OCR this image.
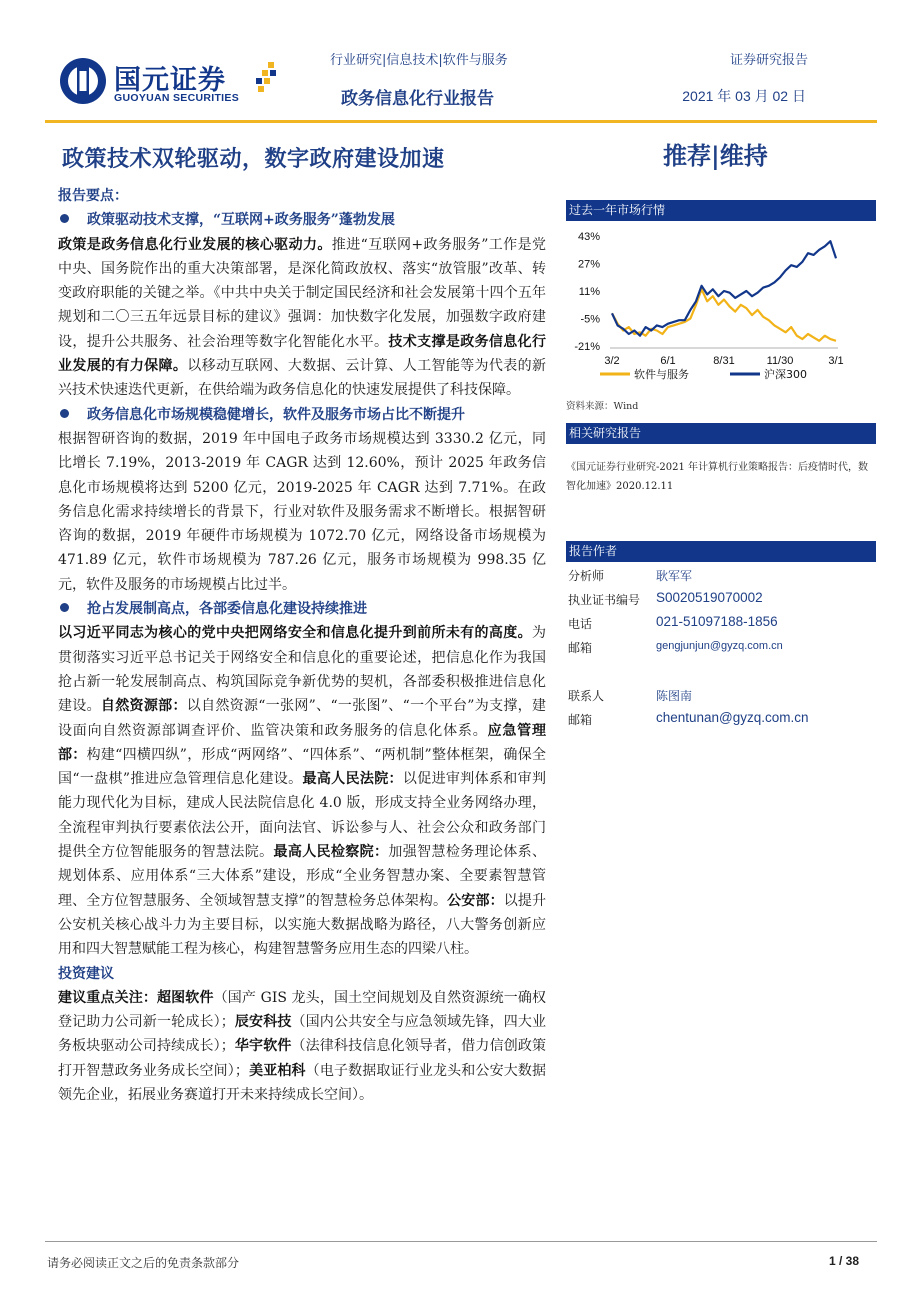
国元证券
GUOYUAN SECURITIES
行业研究|信息技术|软件与服务	证券研究报告
政务信息化行业报告	2021 年 03 月 02 日
政策技术双轮驱动，数字政府建设加速	推荐|维持
报告要点：
政策驱动技术支撑，“互联网+政务服务”蓬勃发展

政策是政务信息化行业发展的核心驱动力。推进“互联网+政务服务”工作是党中央、国务院作出的重大决策部署，是深化简政放权、落实“放管服”改革、转变政府职能的关键之举。《中共中央关于制定国民经济和社会发展第十四个五年规划和二〇三五年远景目标的建议》强调：加快数字化发展，加强数字政府建设，提升公共服务、社会治理等数字化智能化水平。技术支撑是政务信息化行业发展的有力保障。以移动互联网、大数据、云计算、人工智能等为代表的新兴技术快速迭代更新，在供给端为政务信息化的快速发展提供了科技保障。

政务信息化市场规模稳健增长，软件及服务市场占比不断提升

根据智研咨询的数据，2019 年中国电子政务市场规模达到 3330.2 亿元，同比增长 7.19%，2013-2019 年 CAGR 达到 12.60%，预计 2025 年政务信息化市场规模将达到 5200 亿元，2019-2025 年 CAGR 达到 7.71%。在政务信息化需求持续增长的背景下，行业对软件及服务需求不断增长。根据智研咨询的数据，2019 年硬件市场规模为 1072.70 亿元，网络设备市场规模为 471.89 亿元，软件市场规模为 787.26 亿元，服务市场规模为 998.35 亿元，软件及服务的市场规模占比过半。

抢占发展制高点，各部委信息化建设持续推进

以习近平同志为核心的党中央把网络安全和信息化提升到前所未有的高度。为贯彻落实习近平总书记关于网络安全和信息化的重要论述，把信息化作为我国抢占新一轮发展制高点、构筑国际竞争新优势的契机，各部委积极推进信息化建设。自然资源部：以自然资源“一张网”、“一张图”、“一个平台”为支撑，建设面向自然资源部调查评价、监管决策和政务服务的信息化体系。应急管理部：构建“四横四纵”，形成“两网络”、“四体系”、“两机制”整体框架，确保全国“一盘棋”推进应急管理信息化建设。最高人民法院：以促进审判体系和审判能力现代化为目标，建成人民法院信息化 4.0 版，形成支持全业务网络办理，全流程审判执行要素依法公开，面向法官、诉讼参与人、社会公众和政务部门提供全方位智能服务的智慧法院。最高人民检察院：加强智慧检务理论体系、规划体系、应用体系“三大体系”建设，形成“全业务智慧办案、全要素智慧管理、全方位智慧服务、全领域智慧支撑”的智慧检务总体架构。公安部：以提升公安机关核心战斗力为主要目标，以实施大数据战略为路径，八大警务创新应用和四大智慧赋能工程为核心，构建智慧警务应用生态的四梁八柱。

投资建议

建议重点关注：超图软件（国产 GIS 龙头，国土空间规划及自然资源统一确权登记助力公司新一轮成长）；辰安科技（国内公共安全与应急领域先锋，四大业务板块驱动公司持续成长）；华宇软件（法律科技信息化领导者，借力信创政策打开智慧政务业务成长空间）；美亚柏科（电子数据取证行业龙头和公安大数据领先企业，拓展业务赛道打开未来持续成长空间）。

过去一年市场行情
43%
27%
11%
-5%
-21%
3/2	6/1	8/31	11/30	3/1
软件与服务	沪深300
资料来源：Wind
相关研究报告
《国元证券行业研究-2021 年计算机行业策略报告：后疫情时代，数智化加速》2020.12.11
报告作者
分析师	耿军军
执业证书编号 S0020519070002
电话	021-51097188-1856
邮箱	gengjunjun@gyzq.com.cn
联系人	陈图南
邮箱	chentunan@gyzq.com.cn
请务必阅读正文之后的免责条款部分	1 / 38
